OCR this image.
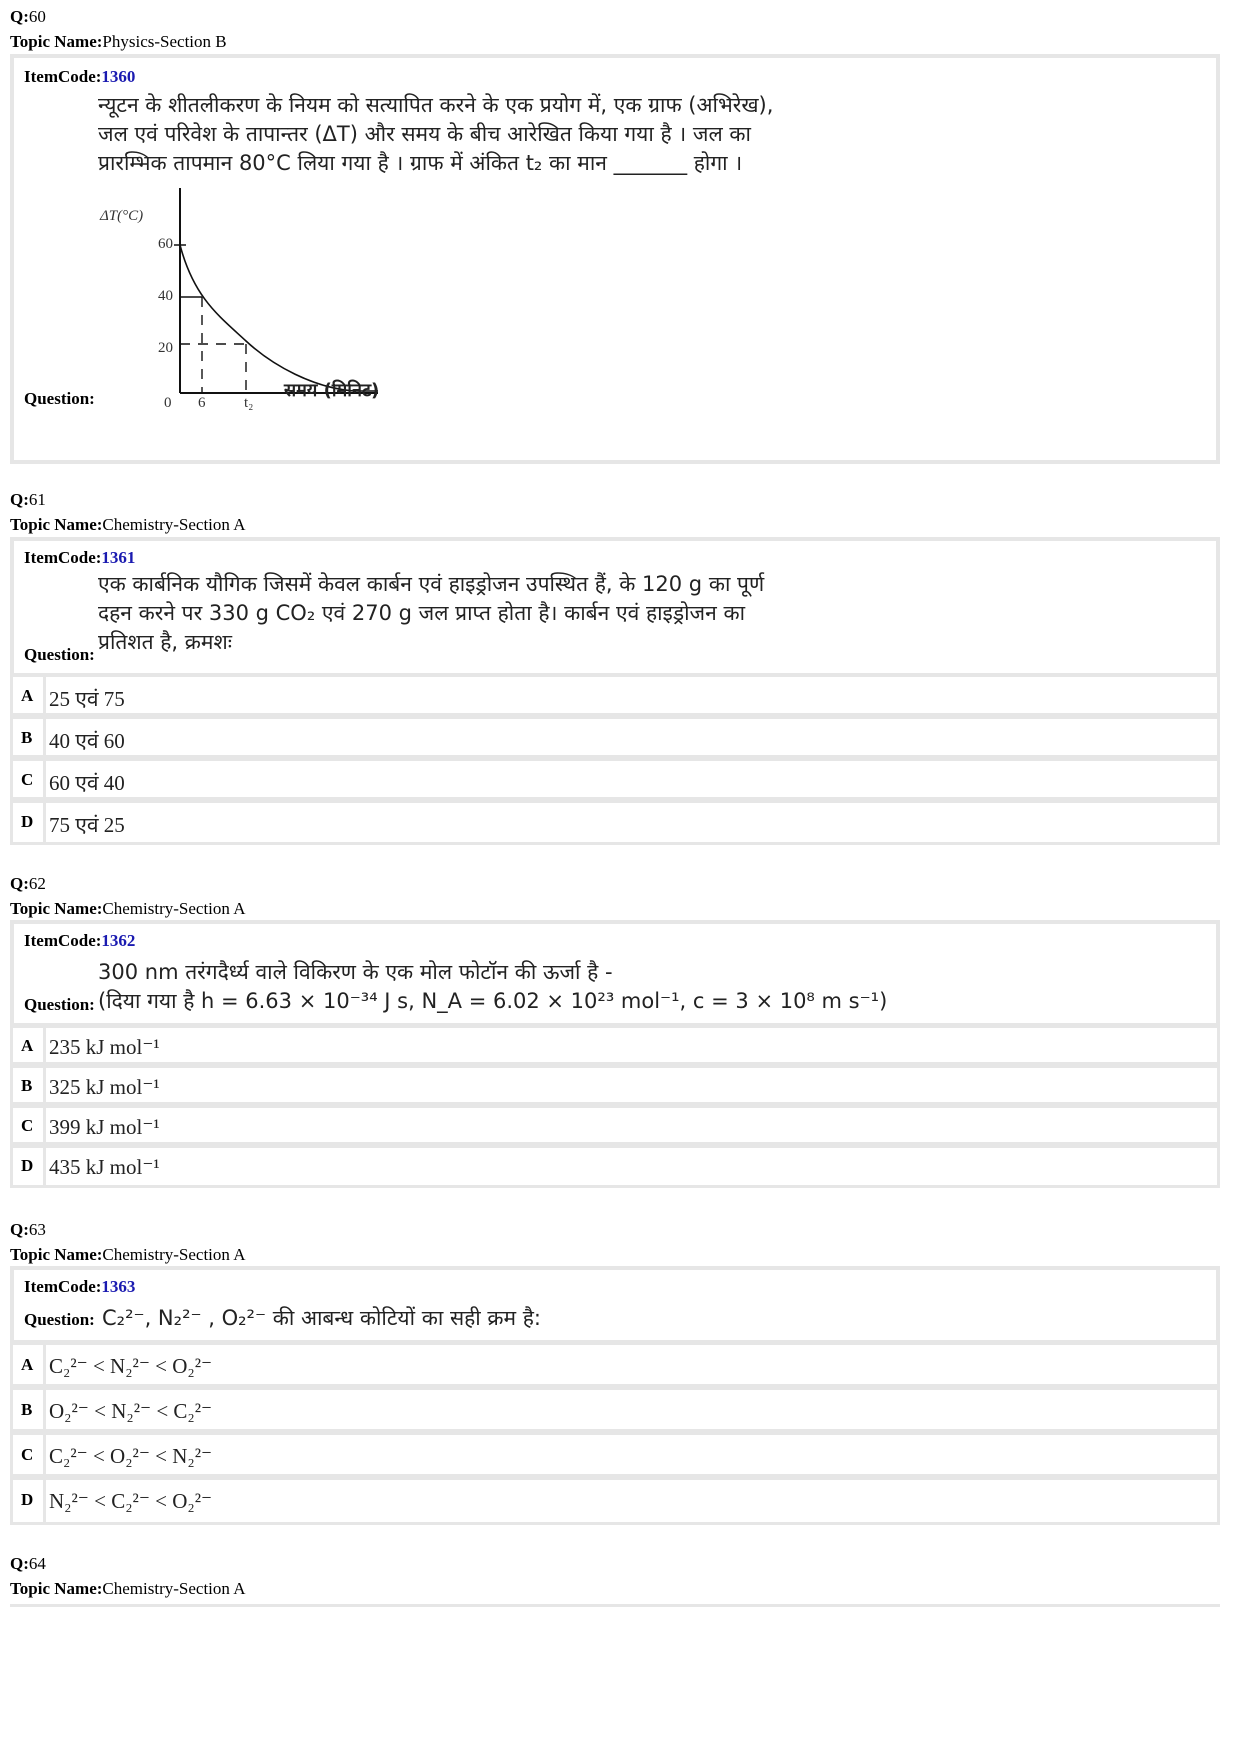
Q:60
Topic Name:Physics-Section B
ItemCode:1360
न्यूटन के शीतलीकरण के नियम को सत्यापित करने के एक प्रयोग में, एक ग्राफ (अभिरेख),
जल एवं परिवेश के तापान्तर (ΔT) और समय के बीच आरेखित किया गया है । जल का
प्रारम्भिक तापमान 80°C लिया गया है । ग्राफ में अंकित t₂ का मान _______ होगा ।
ΔT(°C)
60
40
20
0 6	t₂
Question:	समय (मिनिट)
Q:61
Topic Name:Chemistry-Section A
ItemCode:1361
एक कार्बनिक यौगिक जिसमें केवल कार्बन एवं हाइड्रोजन उपस्थित हैं, के 120 g का पूर्ण
दहन करने पर 330 g CO₂ एवं 270 g जल प्राप्त होता है। कार्बन एवं हाइड्रोजन का
प्रतिशत है, क्रमशः
Question:
A 25 एवं 75
B 40 एवं 60
C 60 एवं 40
D 75 एवं 25
Q:62
Topic Name:Chemistry-Section A
ItemCode:1362
300 nm तरंगदैर्ध्य वाले विकिरण के एक मोल फोटॉन की ऊर्जा है -
(दिया गया है h = 6.63 × 10⁻³⁴ J s, N_A = 6.02 × 10²³ mol⁻¹, c = 3 × 10⁸ m s⁻¹)
Question:
A 235 kJ mol⁻¹
B 325 kJ mol⁻¹
C 399 kJ mol⁻¹
D 435 kJ mol⁻¹
Q:63
Topic Name:Chemistry-Section A
ItemCode:1363
Question: C₂²⁻, N₂²⁻ , O₂²⁻ की आबन्ध कोटियों का सही क्रम है:
A C₂²⁻ < N₂²⁻ < O₂²⁻
B O₂²⁻ < N₂²⁻ < C₂²⁻
C C₂²⁻ < O₂²⁻ < N₂²⁻
D N₂²⁻ < C₂²⁻ < O₂²⁻
Q:64
Topic Name:Chemistry-Section A
